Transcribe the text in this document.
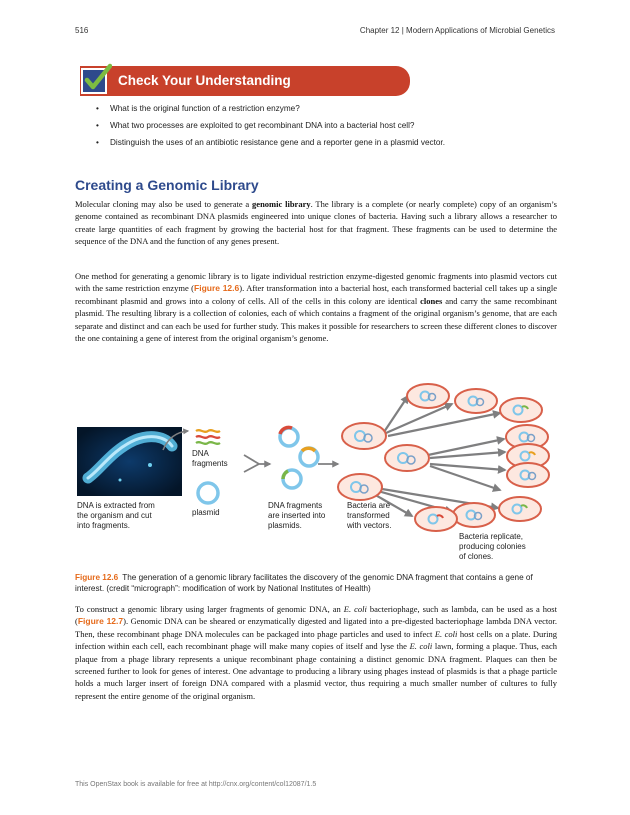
516	Chapter 12 | Modern Applications of Microbial Genetics
Check Your Understanding
• What is the original function of a restriction enzyme?
• What two processes are exploited to get recombinant DNA into a bacterial host cell?
• Distinguish the uses of an antibiotic resistance gene and a reporter gene in a plasmid vector.
Creating a Genomic Library

Molecular cloning may also be used to generate a genomic library. The library is a complete (or nearly complete) copy of an organism’s genome contained as recombinant DNA plasmids engineered into unique clones of bacteria. Having such a library allows a researcher to create large quantities of each fragment by growing the bacterial host for that fragment. These fragments can be used to determine the sequence of the DNA and the function of any genes present.

One method for generating a genomic library is to ligate individual restriction enzyme-digested genomic fragments into plasmid vectors cut with the same restriction enzyme (Figure 12.6). After transformation into a bacterial host, each transformed bacterial cell takes up a single recombinant plasmid and grows into a colony of cells. All of the cells in this colony are identical clones and carry the same recombinant plasmid. The resulting library is a collection of colonies, each of which contains a fragment of the original organism’s genome, that are each separate and distinct and can each be used for further study. This makes it possible for researchers to screen these different clones to discover the one containing a gene of interest from the original organism’s genome.

DNA
fragments
plasmid
DNA is extracted from
the organism and cut
into fragments.
DNA fragments
are inserted into
plasmids.
Bacteria are
transformed
with vectors.
Bacteria replicate,
producing colonies
of clones.

Figure 12.6 The generation of a genomic library facilitates the discovery of the genomic DNA fragment that contains a gene of interest. (credit “micrograph”: modification of work by National Institutes of Health)

To construct a genomic library using larger fragments of genomic DNA, an E. coli bacteriophage, such as lambda, can be used as a host (Figure 12.7). Genomic DNA can be sheared or enzymatically digested and ligated into a pre-digested bacteriophage lambda DNA vector. Then, these recombinant phage DNA molecules can be packaged into phage particles and used to infect E. coli host cells on a plate. During infection within each cell, each recombinant phage will make many copies of itself and lyse the E. coli lawn, forming a plaque. Thus, each plaque from a phage library represents a unique recombinant phage containing a distinct genomic DNA fragment. Plaques can then be screened further to look for genes of interest. One advantage to producing a library using phages instead of plasmids is that a phage particle holds a much larger insert of foreign DNA compared with a plasmid vector, thus requiring a much smaller number of cultures to fully represent the entire genome of the original organism.

This OpenStax book is available for free at http://cnx.org/content/col12087/1.5
